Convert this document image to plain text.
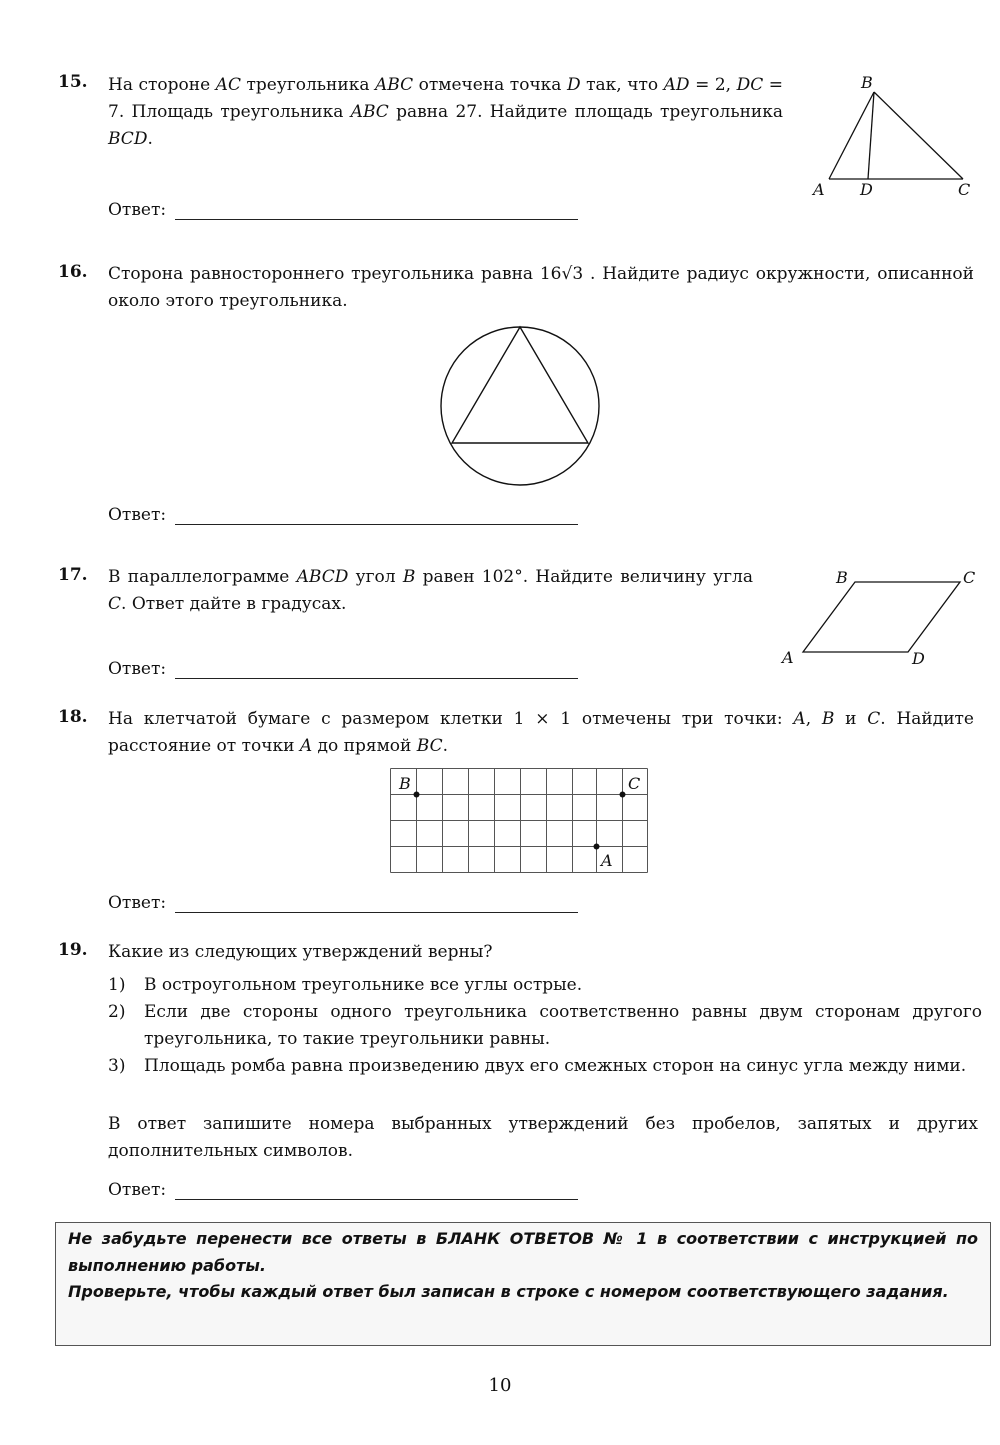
15. На стороне AC треугольника ABC отмечена точка D так, что AD = 2, DC = 7. Площадь треугольника ABC равна 27. Найдите площадь треугольника BCD.

Ответ:
B
A D	C
16. Сторона равностороннего треугольника равна 16√3 . Найдите радиус окружности, описанной около этого треугольника.

Ответ:
17. В параллелограмме ABCD угол B равен 102°. Найдите величину угла C. Ответ дайте в градусах.

Ответ:
B	C
A	D
18. На клетчатой бумаге с размером клетки 1 × 1 отмечены три точки: A, B и C. Найдите расстояние от точки A до прямой BC.

B	C
A
Ответ:
19. Какие из следующих утверждений верны?

1) В остроугольном треугольнике все углы острые.
2) Если две стороны одного треугольника соответственно равны двум сторонам другого треугольника, то такие треугольники равны.
3) Площадь ромба равна произведению двух его смежных сторон на синус угла между ними.

В ответ запишите номера выбранных утверждений без пробелов, запятых и других дополнительных символов.

Ответ:
Не забудьте перенести все ответы в БЛАНК ОТВЕТОВ № 1 в соответствии с инструкцией по выполнению работы.
Проверьте, чтобы каждый ответ был записан в строке с номером соответствующего задания.
10
